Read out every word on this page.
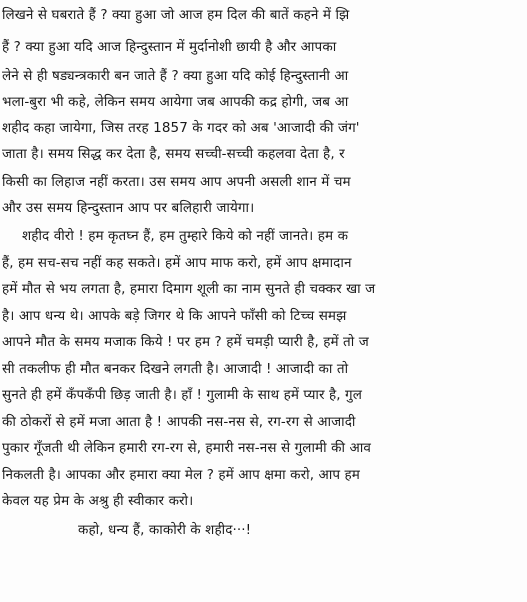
लिखने से घबराते हैं ? क्या हुआ जो आज हम दिल की बातें कहने में झि
हैं ? क्या हुआ यदि आज हिन्दुस्तान में मुर्दानोशी छायी है और आपका
लेने से ही षड्यन्त्रकारी बन जाते हैं ? क्या हुआ यदि कोई हिन्दुस्तानी आ
भला-बुरा भी कहे, लेकिन समय आयेगा जब आपकी कद्र होगी, जब आ
शहीद कहा जायेगा, जिस तरह 1857 के गदर को अब 'आजादी की जंग'
जाता है। समय सिद्ध कर देता है, समय सच्ची-सच्ची कहलवा देता है, र
किसी का लिहाज नहीं करता। उस समय आप अपनी असली शान में चम
और उस समय हिन्दुस्तान आप पर बलिहारी जायेगा।
शहीद वीरो ! हम कृतघ्न हैं, हम तुम्हारे किये को नहीं जानते। हम क
हैं, हम सच-सच नहीं कह सकते। हमें आप माफ करो, हमें आप क्षमादान
हमें मौत से भय लगता है, हमारा दिमाग शूली का नाम सुनते ही चक्कर खा ज
है। आप धन्य थे। आपके बड़े जिगर थे कि आपने फाँसी को टिच्च समझ
आपने मौत के समय मजाक किये ! पर हम ? हमें चमड़ी प्यारी है, हमें तो ज
सी तकलीफ ही मौत बनकर दिखने लगती है। आजादी ! आजादी का तो
सुनते ही हमें कँपकँपी छिड़ जाती है। हाँ ! गुलामी के साथ हमें प्यार है, गुल
की ठोकरों से हमें मजा आता है ! आपकी नस-नस से, रग-रग से आजादी
पुकार गूँजती थी लेकिन हमारी रग-रग से, हमारी नस-नस से गुलामी की आव
निकलती है। आपका और हमारा क्या मेल ? हमें आप क्षमा करो, आप हम
केवल यह प्रेम के अश्रु ही स्वीकार करो।
कहो, धन्य हैं, काकोरी के शहीद···!
